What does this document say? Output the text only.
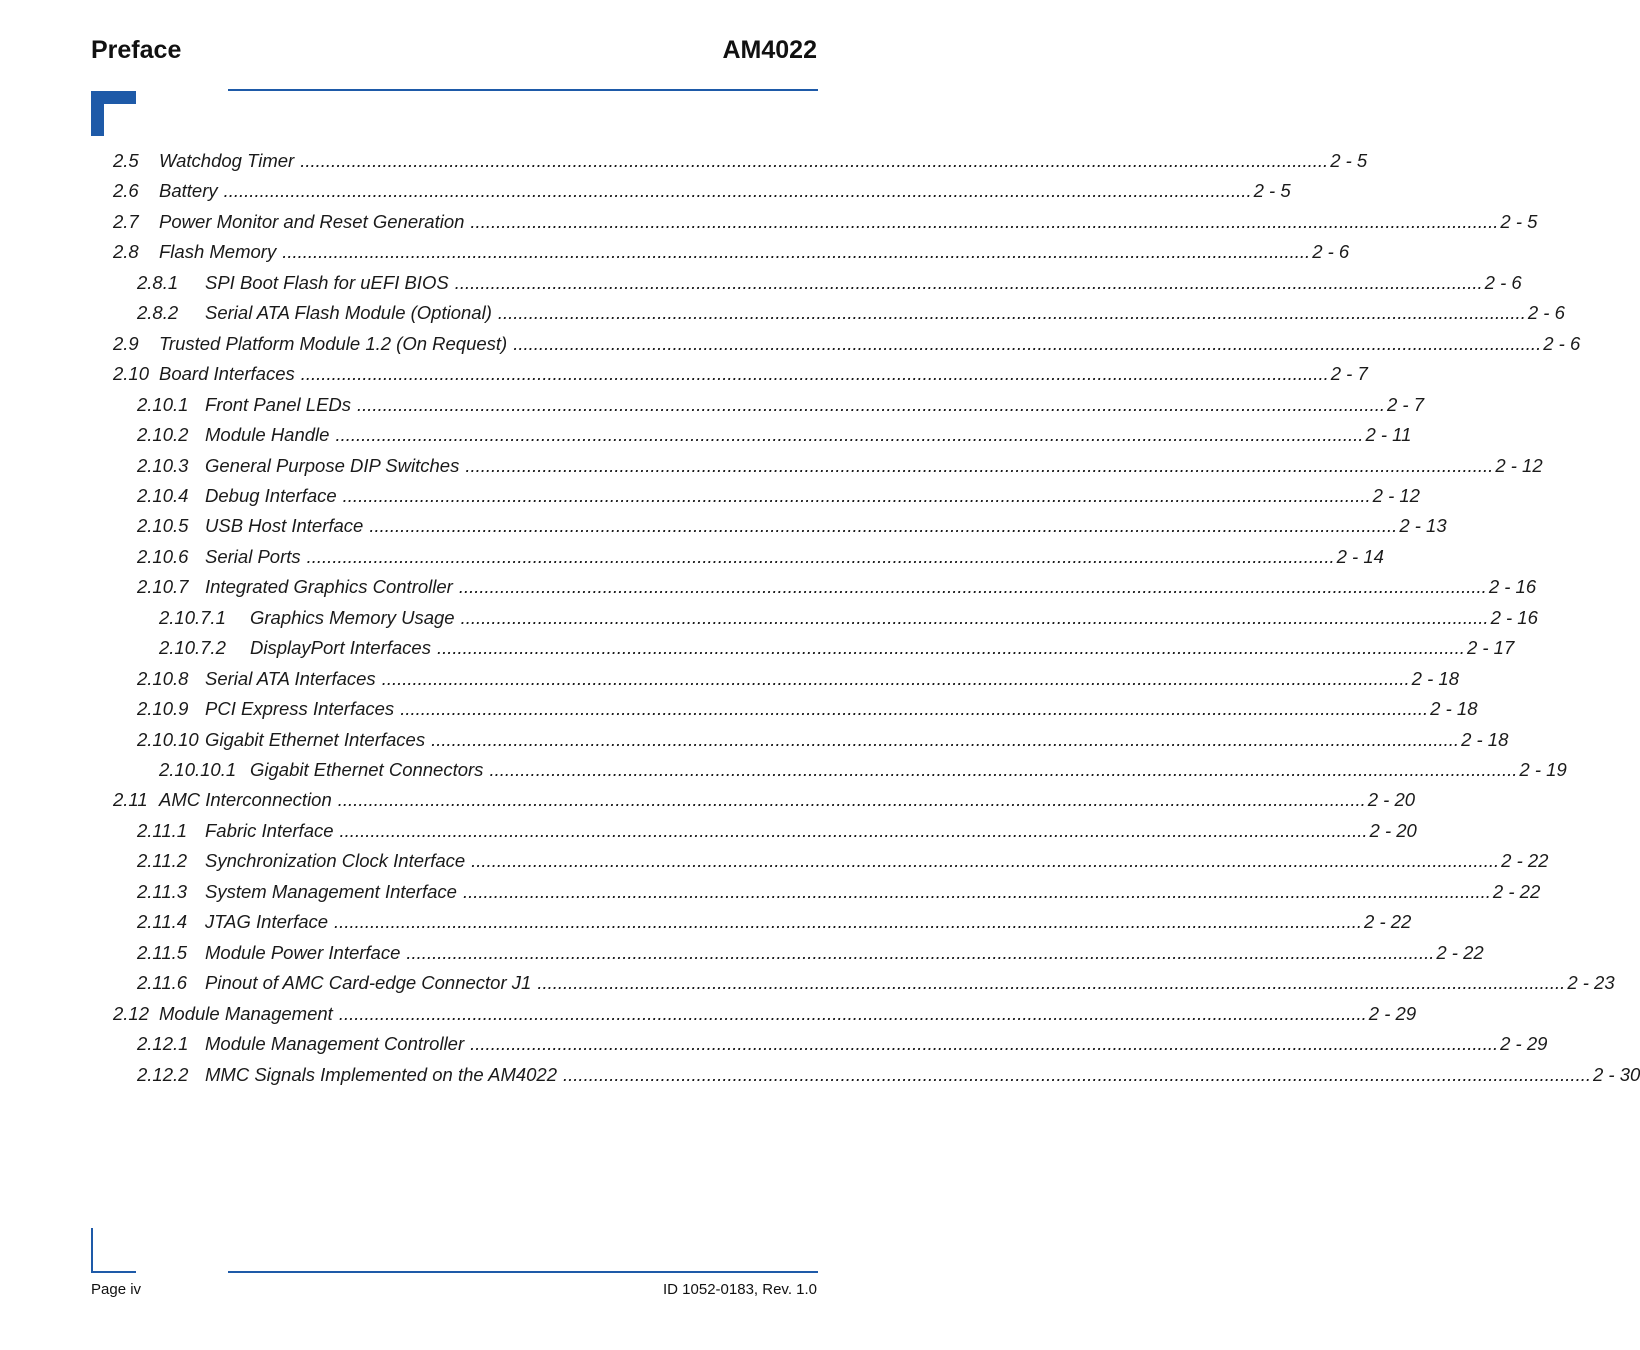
Preface	AM4022
2.5	Watchdog Timer ........................................................................................................................................................................................................ 2 - 5
2.6	Battery ........................................................................................................................................................................................................ 2 - 5
2.7	Power Monitor and Reset Generation ........................................................................................................................................................................................................ 2 - 5
2.8	Flash Memory ........................................................................................................................................................................................................ 2 - 6
2.8.1	SPI Boot Flash for uEFI BIOS ........................................................................................................................................................................................................ 2 - 6
2.8.2	Serial ATA Flash Module (Optional) ........................................................................................................................................................................................................ 2 - 6
2.9	Trusted Platform Module 1.2 (On Request) ........................................................................................................................................................................................................ 2 - 6
2.10 Board Interfaces ........................................................................................................................................................................................................ 2 - 7
2.10.1 Front Panel LEDs ........................................................................................................................................................................................................ 2 - 7
2.10.2 Module Handle ........................................................................................................................................................................................................ 2 - 11
2.10.3 General Purpose DIP Switches ........................................................................................................................................................................................................ 2 - 12
2.10.4 Debug Interface ........................................................................................................................................................................................................ 2 - 12
2.10.5 USB Host Interface ........................................................................................................................................................................................................ 2 - 13
2.10.6 Serial Ports ........................................................................................................................................................................................................ 2 - 14
2.10.7 Integrated Graphics Controller ........................................................................................................................................................................................................ 2 - 16
2.10.7.1	Graphics Memory Usage ........................................................................................................................................................................................................ 2 - 16
2.10.7.2	DisplayPort Interfaces ........................................................................................................................................................................................................ 2 - 17
2.10.8 Serial ATA Interfaces ........................................................................................................................................................................................................ 2 - 18
2.10.9 PCI Express Interfaces ........................................................................................................................................................................................................ 2 - 18
2.10.10 Gigabit Ethernet Interfaces ........................................................................................................................................................................................................ 2 - 18
2.10.10.1 Gigabit Ethernet Connectors ........................................................................................................................................................................................................ 2 - 19
2.11 AMC Interconnection ........................................................................................................................................................................................................ 2 - 20
2.11.1 Fabric Interface ........................................................................................................................................................................................................ 2 - 20
2.11.2 Synchronization Clock Interface ........................................................................................................................................................................................................ 2 - 22
2.11.3 System Management Interface ........................................................................................................................................................................................................ 2 - 22
2.11.4 JTAG Interface ........................................................................................................................................................................................................ 2 - 22
2.11.5 Module Power Interface ........................................................................................................................................................................................................ 2 - 22
2.11.6 Pinout of AMC Card-edge Connector J1 ........................................................................................................................................................................................................ 2 - 23
2.12 Module Management ........................................................................................................................................................................................................ 2 - 29
2.12.1 Module Management Controller ........................................................................................................................................................................................................ 2 - 29
2.12.2 MMC Signals Implemented on the AM4022 ........................................................................................................................................................................................................ 2 - 30
Page iv	ID 1052-0183, Rev. 1.0
